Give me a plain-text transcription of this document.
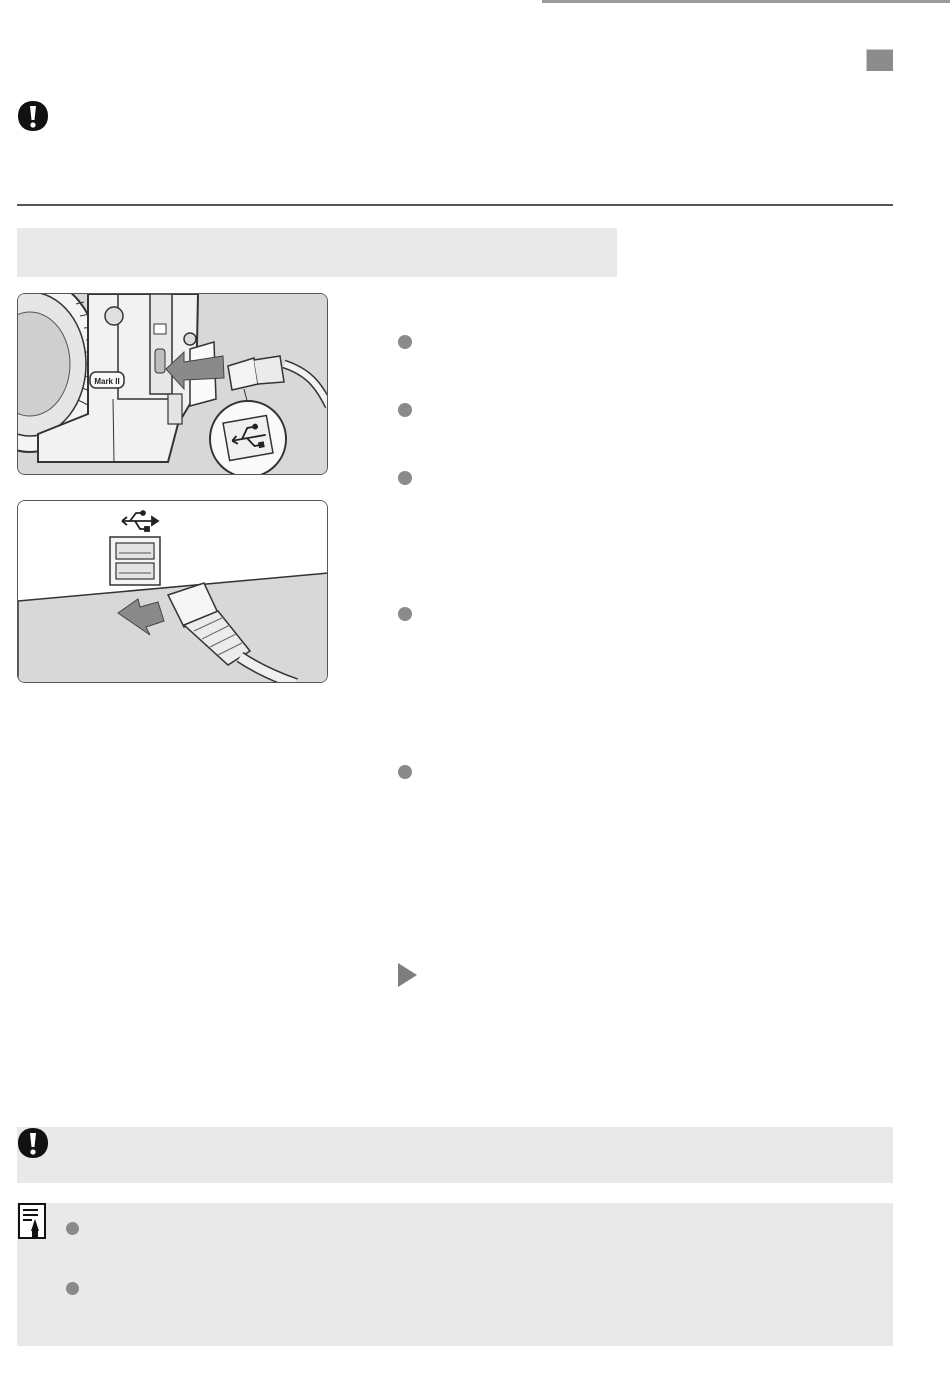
Mark II
